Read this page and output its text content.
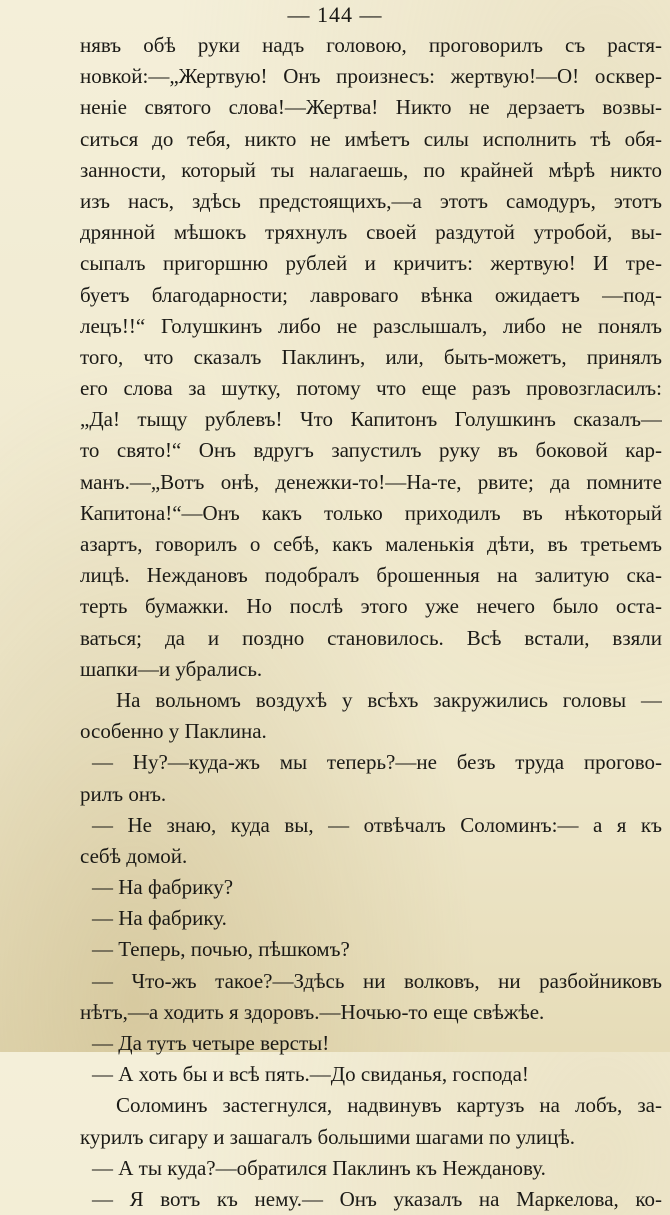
— 144 —
нявъ обѣ руки надъ головою, проговорилъ съ растя-
новкой:—„Жертвую! Онъ произнесъ: жертвую!—О! осквер-
неніе святого слова!—Жертва! Никто не дерзаетъ возвы-
ситься до тебя, никто не имѣетъ силы исполнить тѣ обя-
занности, который ты налагаешь, по крайней мѣрѣ никто
изъ насъ, здѣсь предстоящихъ,—а этотъ самодуръ, этотъ
дрянной мѣшокъ тряхнулъ своей раздутой утробой, вы-
сыпалъ пригоршню рублей и кричитъ: жертвую! И тре-
буетъ благодарности; лавроваго вѣнка ожидаетъ —под-
лецъ!!“ Голушкинъ либо не разслышалъ, либо не понялъ
того, что сказалъ Паклинъ, или, быть-можетъ, принялъ
его слова за шутку, потому что еще разъ провозгласилъ:
„Да! тыщу рублевъ! Что Капитонъ Голушкинъ сказалъ—
то свято!“ Онъ вдругъ запустилъ руку въ боковой кар-
манъ.—„Вотъ онѣ, денежки-то!—На-те, рвите; да помните
Капитона!“—Онъ какъ только приходилъ въ нѣкоторый
азартъ, говорилъ о себѣ, какъ маленькія дѣти, въ третьемъ
лицѣ. Неждановъ подобралъ брошенныя на залитую ска-
терть бумажки. Но послѣ этого уже нечего было оста-
ваться; да и поздно становилось. Всѣ встали, взяли
шапки—и убрались.
На вольномъ воздухѣ у всѣхъ закружились головы —
особенно у Паклина.
— Ну?—куда-жъ мы теперь?—не безъ труда прогово-
рилъ онъ.
— Не знаю, куда вы, — отвѣчалъ Соломинъ:— а я къ
себѣ домой.
— На фабрику?
— На фабрику.
— Теперь, почью, пѣшкомъ?
— Что-жъ такое?—Здѣсь ни волковъ, ни разбойниковъ
нѣтъ,—а ходить я здоровъ.—Ночью-то еще свѣжѣе.
— Да тутъ четыре версты!
— А хоть бы и всѣ пять.—До свиданья, господа!
Соломинъ застегнулся, надвинувъ картузъ на лобъ, за-
курилъ сигару и зашагалъ большими шагами по улицѣ.
— А ты куда?—обратился Паклинъ къ Нежданову.
— Я вотъ къ нему.— Онъ указалъ на Маркелова, ко-
